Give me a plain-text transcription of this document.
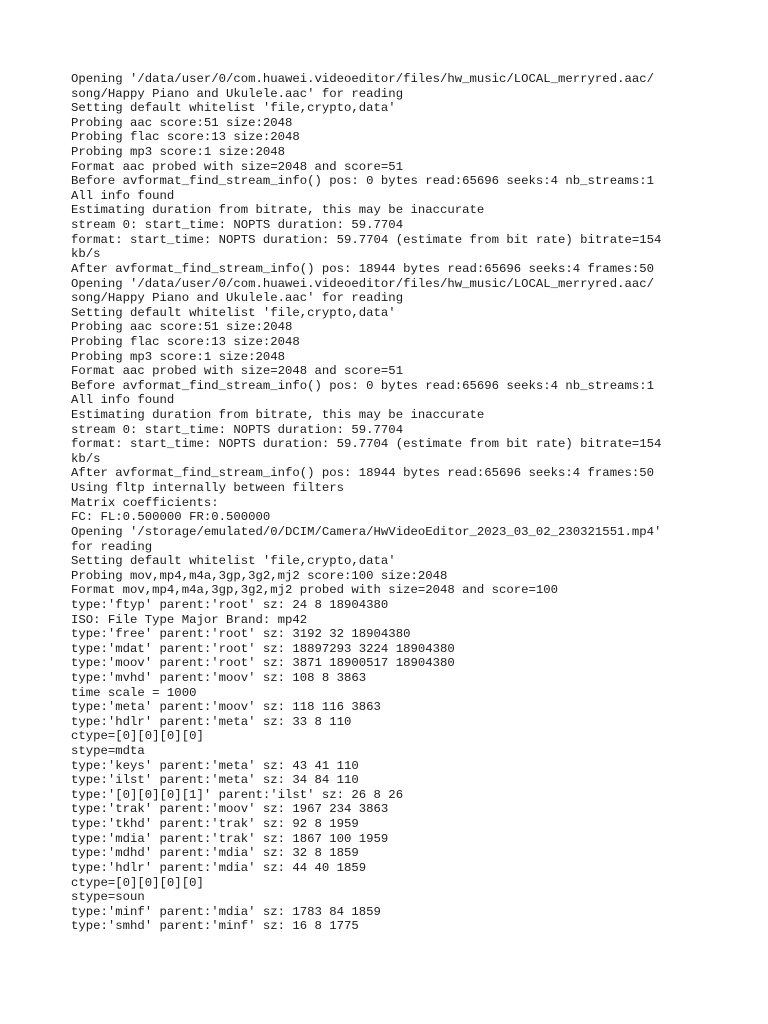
Opening '/data/user/0/com.huawei.videoeditor/files/hw_music/LOCAL_merryred.aac/
song/Happy Piano and Ukulele.aac' for reading
Setting default whitelist 'file,crypto,data'
Probing aac score:51 size:2048
Probing flac score:13 size:2048
Probing mp3 score:1 size:2048
Format aac probed with size=2048 and score=51
Before avformat_find_stream_info() pos: 0 bytes read:65696 seeks:4 nb_streams:1
All info found
Estimating duration from bitrate, this may be inaccurate
stream 0: start_time: NOPTS duration: 59.7704
format: start_time: NOPTS duration: 59.7704 (estimate from bit rate) bitrate=154
kb/s
After avformat_find_stream_info() pos: 18944 bytes read:65696 seeks:4 frames:50
Opening '/data/user/0/com.huawei.videoeditor/files/hw_music/LOCAL_merryred.aac/
song/Happy Piano and Ukulele.aac' for reading
Setting default whitelist 'file,crypto,data'
Probing aac score:51 size:2048
Probing flac score:13 size:2048
Probing mp3 score:1 size:2048
Format aac probed with size=2048 and score=51
Before avformat_find_stream_info() pos: 0 bytes read:65696 seeks:4 nb_streams:1
All info found
Estimating duration from bitrate, this may be inaccurate
stream 0: start_time: NOPTS duration: 59.7704
format: start_time: NOPTS duration: 59.7704 (estimate from bit rate) bitrate=154
kb/s
After avformat_find_stream_info() pos: 18944 bytes read:65696 seeks:4 frames:50
Using fltp internally between filters
Matrix coefficients:
FC: FL:0.500000 FR:0.500000
Opening '/storage/emulated/0/DCIM/Camera/HwVideoEditor_2023_03_02_230321551.mp4'
for reading
Setting default whitelist 'file,crypto,data'
Probing mov,mp4,m4a,3gp,3g2,mj2 score:100 size:2048
Format mov,mp4,m4a,3gp,3g2,mj2 probed with size=2048 and score=100
type:'ftyp' parent:'root' sz: 24 8 18904380
ISO: File Type Major Brand: mp42
type:'free' parent:'root' sz: 3192 32 18904380
type:'mdat' parent:'root' sz: 18897293 3224 18904380
type:'moov' parent:'root' sz: 3871 18900517 18904380
type:'mvhd' parent:'moov' sz: 108 8 3863
time scale = 1000
type:'meta' parent:'moov' sz: 118 116 3863
type:'hdlr' parent:'meta' sz: 33 8 110
ctype=[0][0][0][0]
stype=mdta
type:'keys' parent:'meta' sz: 43 41 110
type:'ilst' parent:'meta' sz: 34 84 110
type:'[0][0][0][1]' parent:'ilst' sz: 26 8 26
type:'trak' parent:'moov' sz: 1967 234 3863
type:'tkhd' parent:'trak' sz: 92 8 1959
type:'mdia' parent:'trak' sz: 1867 100 1959
type:'mdhd' parent:'mdia' sz: 32 8 1859
type:'hdlr' parent:'mdia' sz: 44 40 1859
ctype=[0][0][0][0]
stype=soun
type:'minf' parent:'mdia' sz: 1783 84 1859
type:'smhd' parent:'minf' sz: 16 8 1775
